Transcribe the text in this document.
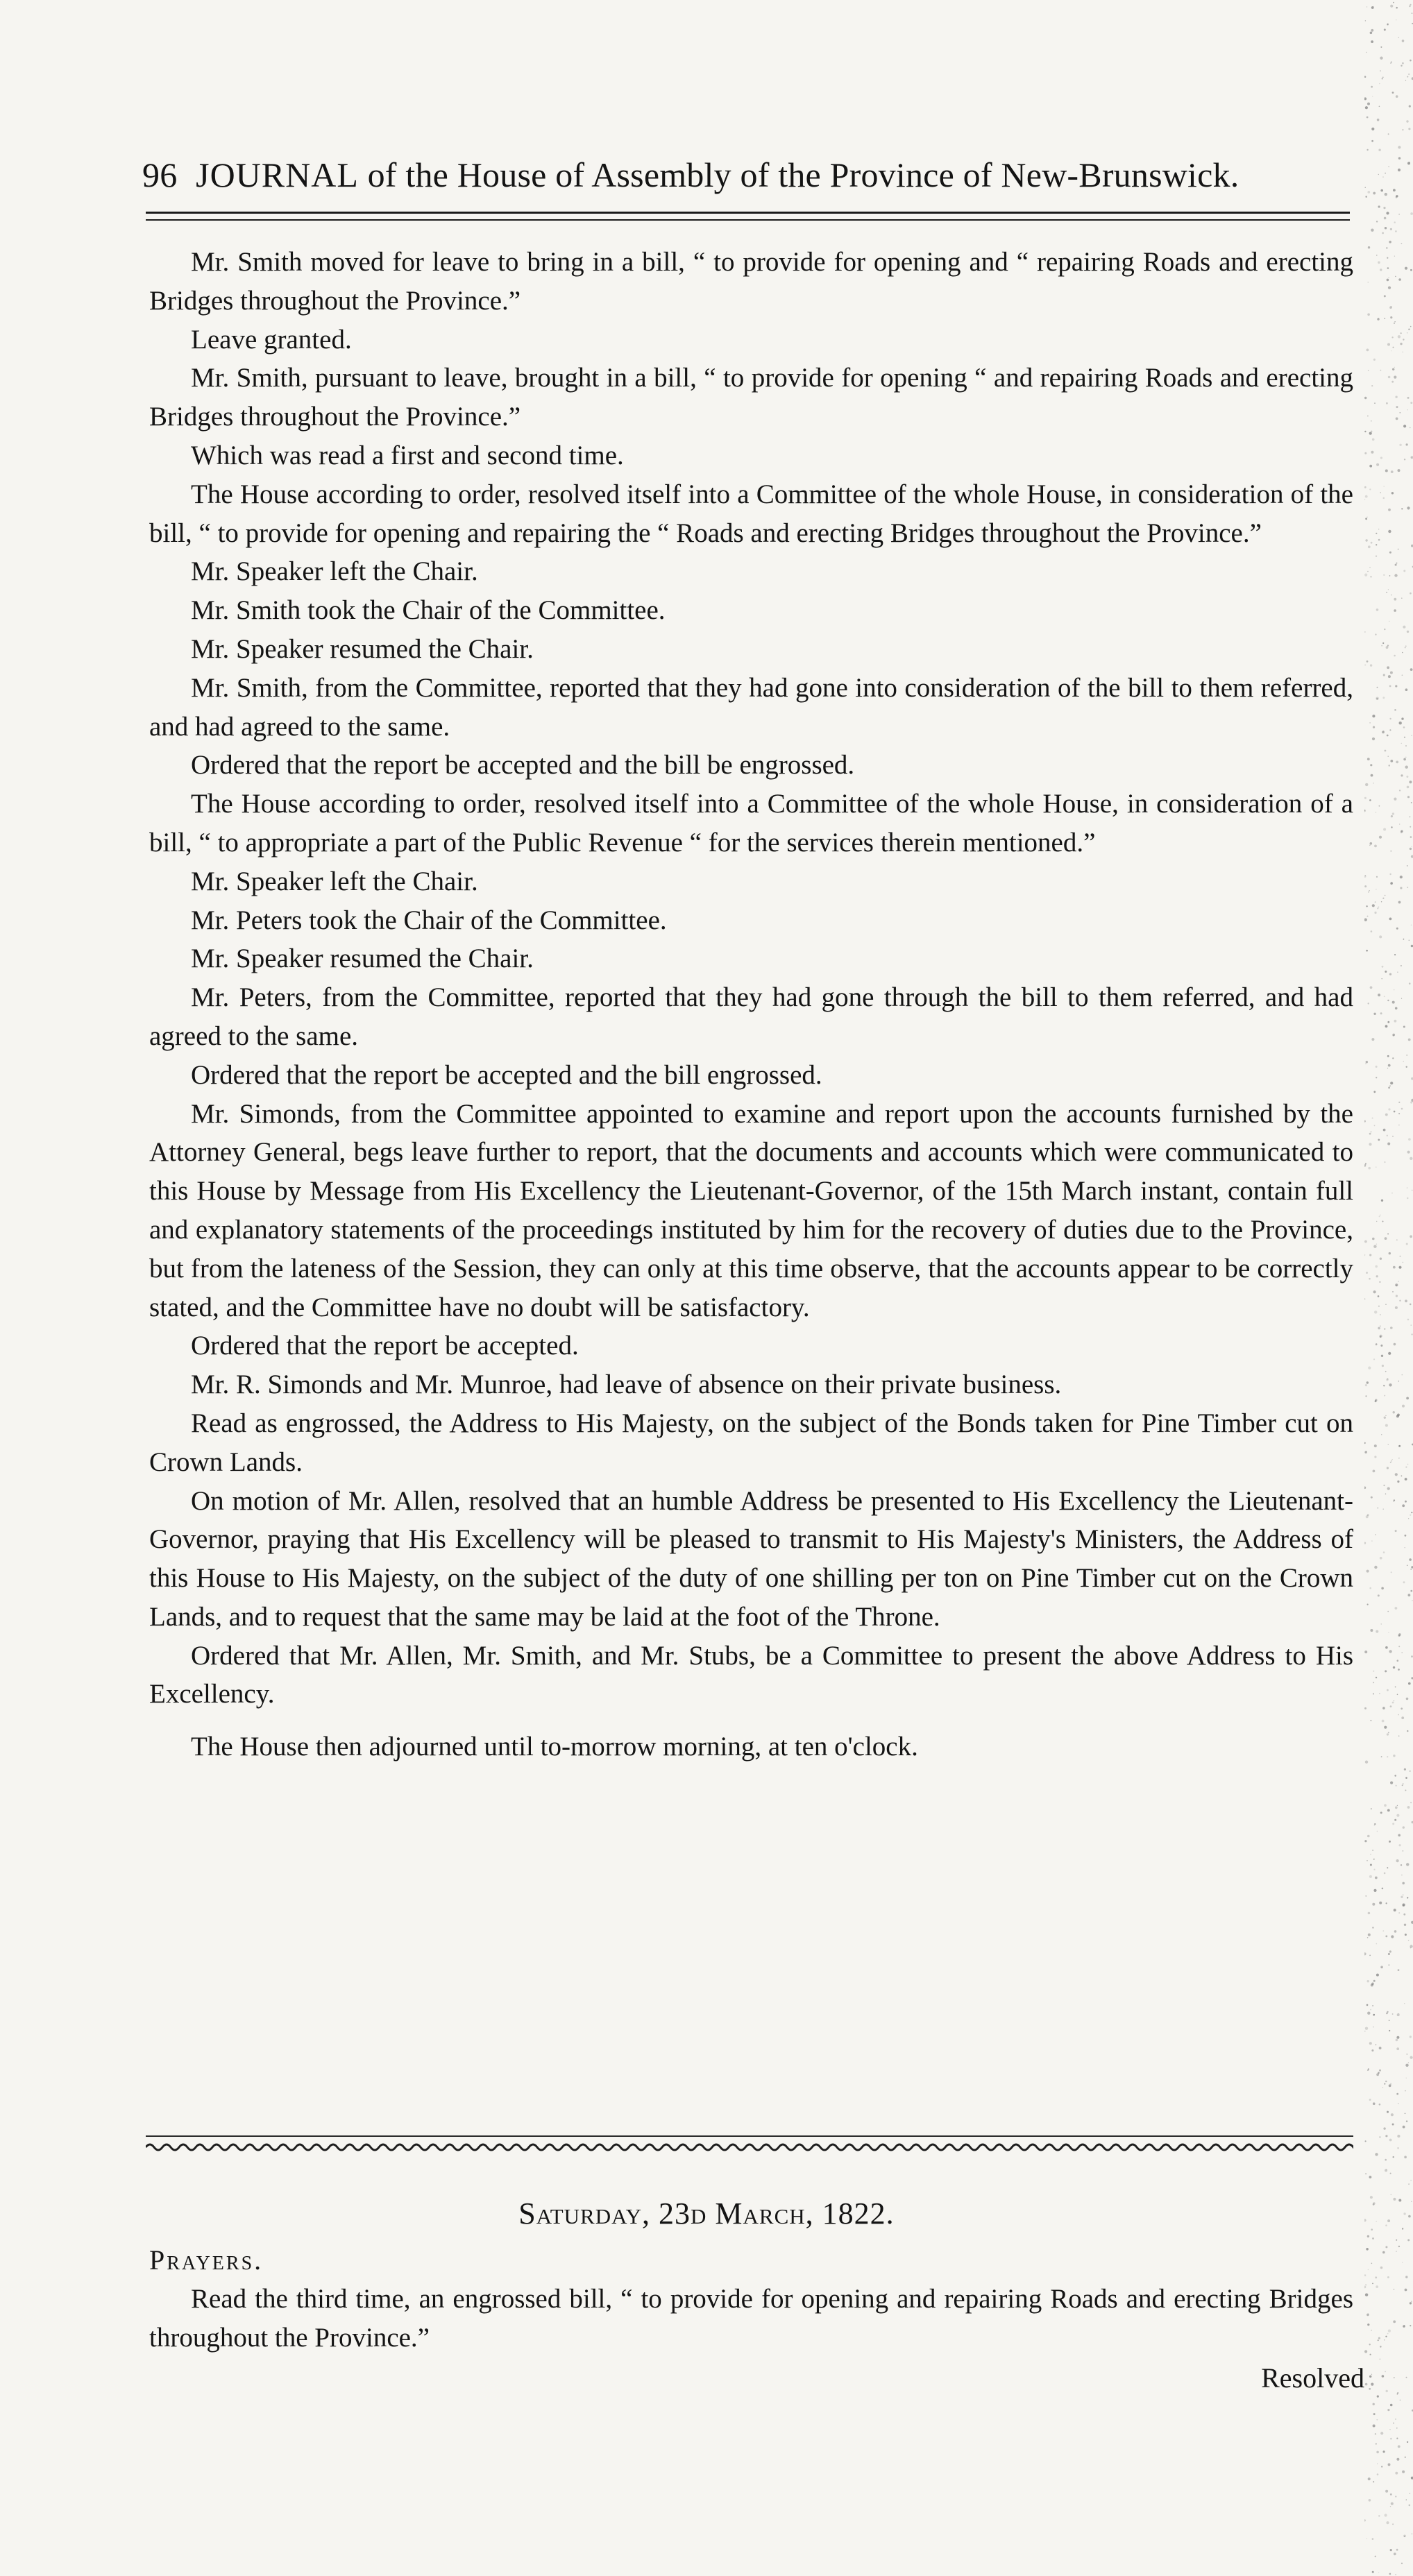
96 JOURNAL of the House of Assembly of the Province of New-Brunswick.

Mr. Smith moved for leave to bring in a bill, “ to provide for opening and “ repairing Roads and erecting Bridges throughout the Province.”

Leave granted.

Mr. Smith, pursuant to leave, brought in a bill, “ to provide for opening “ and repairing Roads and erecting Bridges throughout the Province.”

Which was read a first and second time.

The House according to order, resolved itself into a Committee of the whole House, in consideration of the bill, “ to provide for opening and repairing the “ Roads and erecting Bridges throughout the Province.”

Mr. Speaker left the Chair.

Mr. Smith took the Chair of the Committee.

Mr. Speaker resumed the Chair.

Mr. Smith, from the Committee, reported that they had gone into consideration of the bill to them referred, and had agreed to the same.

Ordered that the report be accepted and the bill be engrossed.

The House according to order, resolved itself into a Committee of the whole House, in consideration of a bill, “ to appropriate a part of the Public Revenue “ for the services therein mentioned.”

Mr. Speaker left the Chair.

Mr. Peters took the Chair of the Committee.

Mr. Speaker resumed the Chair.

Mr. Peters, from the Committee, reported that they had gone through the bill to them referred, and had agreed to the same.

Ordered that the report be accepted and the bill engrossed.

Mr. Simonds, from the Committee appointed to examine and report upon the accounts furnished by the Attorney General, begs leave further to report, that the documents and accounts which were communicated to this House by Message from His Excellency the Lieutenant-Governor, of the 15th March instant, contain full and explanatory statements of the proceedings instituted by him for the recovery of duties due to the Province, but from the lateness of the Session, they can only at this time observe, that the accounts appear to be correctly stated, and the Committee have no doubt will be satisfactory.

Ordered that the report be accepted.

Mr. R. Simonds and Mr. Munroe, had leave of absence on their private business.

Read as engrossed, the Address to His Majesty, on the subject of the Bonds taken for Pine Timber cut on Crown Lands.

On motion of Mr. Allen, resolved that an humble Address be presented to His Excellency the Lieutenant-Governor, praying that His Excellency will be pleased to transmit to His Majesty's Ministers, the Address of this House to His Majesty, on the subject of the duty of one shilling per ton on Pine Timber cut on the Crown Lands, and to request that the same may be laid at the foot of the Throne.

Ordered that Mr. Allen, Mr. Smith, and Mr. Stubs, be a Committee to present the above Address to His Excellency.

The House then adjourned until to-morrow morning, at ten o'clock.

Saturday, 23d March, 1822.
Prayers.

Read the third time, an engrossed bill, “ to provide for opening and repairing Roads and erecting Bridges throughout the Province.”

Resolved
